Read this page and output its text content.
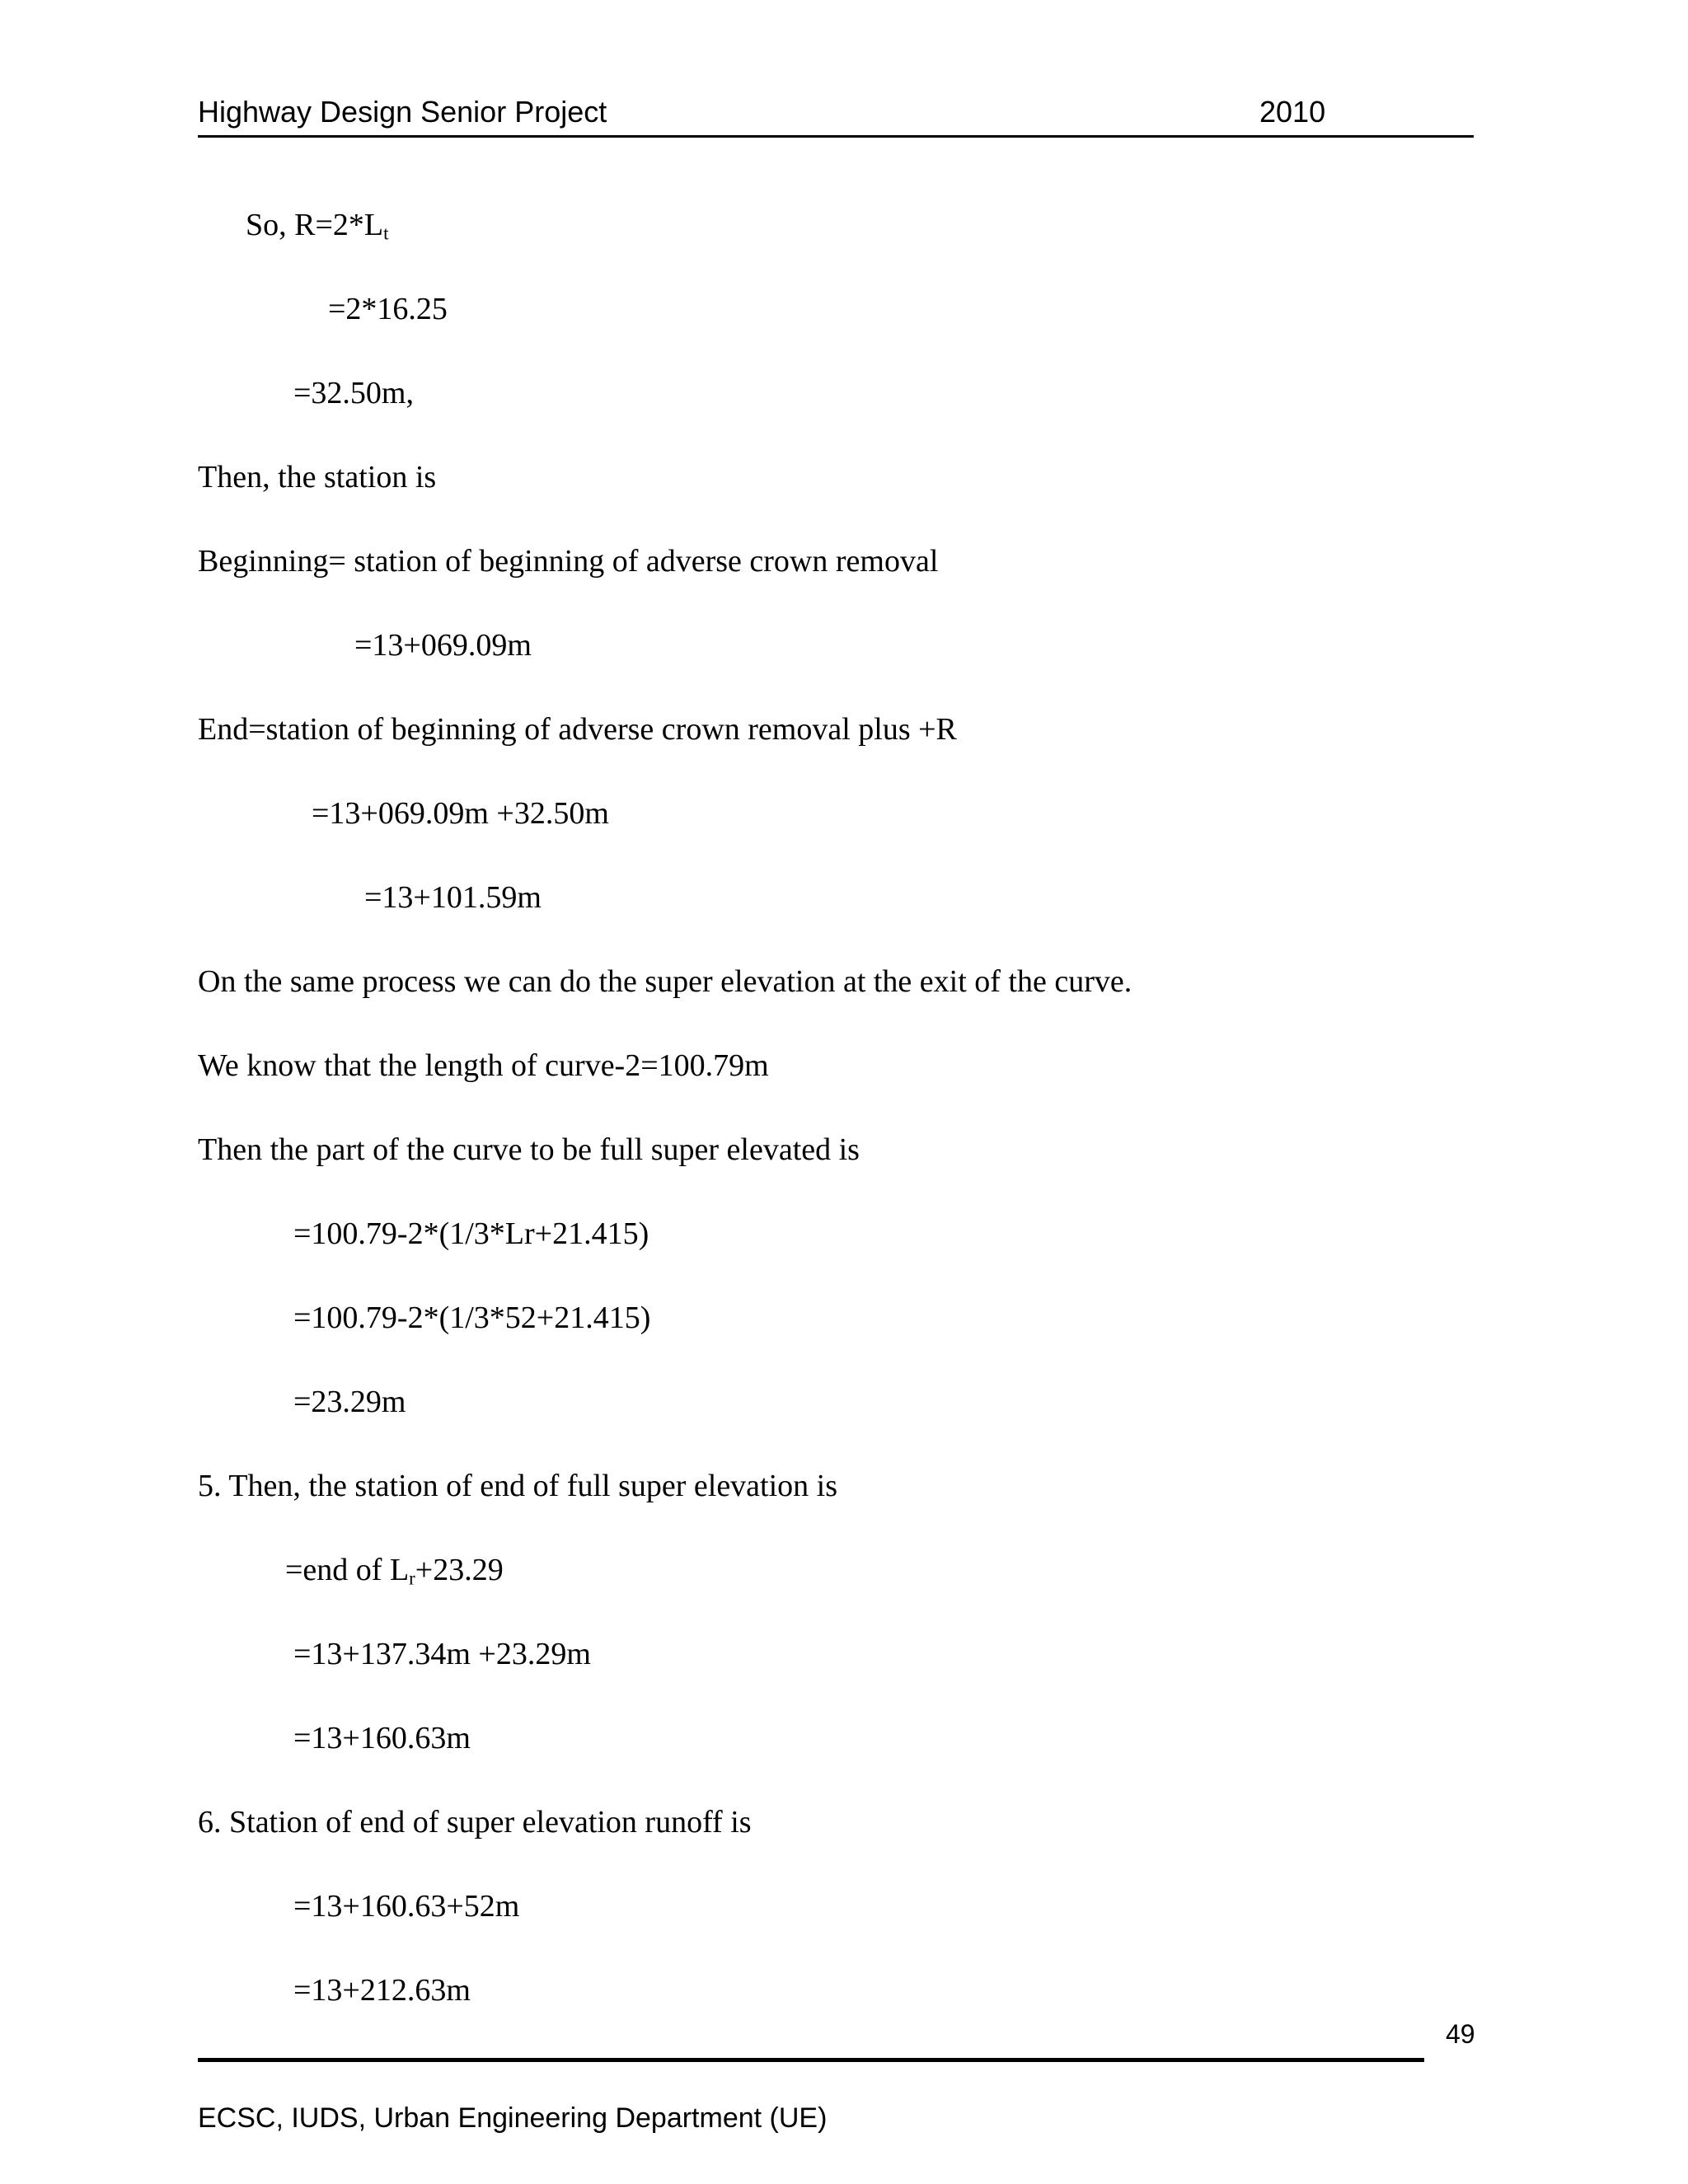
Highway Design Senior Project	2010
So, $R=2*L_t$
=2*16.25
=32.50m,
Then, the station is
Beginning= station of beginning of adverse crown removal
=13+069.09m
End=station of beginning of adverse crown removal plus +R
=13+069.09m +32.50m
=13+101.59m
On the same process we can do the super elevation at the exit of the curve.
We know that the length of curve-2=100.79m
Then the part of the curve to be full super elevated is
=100.79-2*(1/3*Lr+21.415)
=100.79-2*(1/3*52+21.415)
=23.29m
5. Then, the station of end of full super elevation is
=end of $L_r+23.29$
=13+137.34m +23.29m
=13+160.63m
6. Station of end of super elevation runoff is
=13+160.63+52m
=13+212.63m
49
ECSC, IUDS, Urban Engineering Department (UE)
